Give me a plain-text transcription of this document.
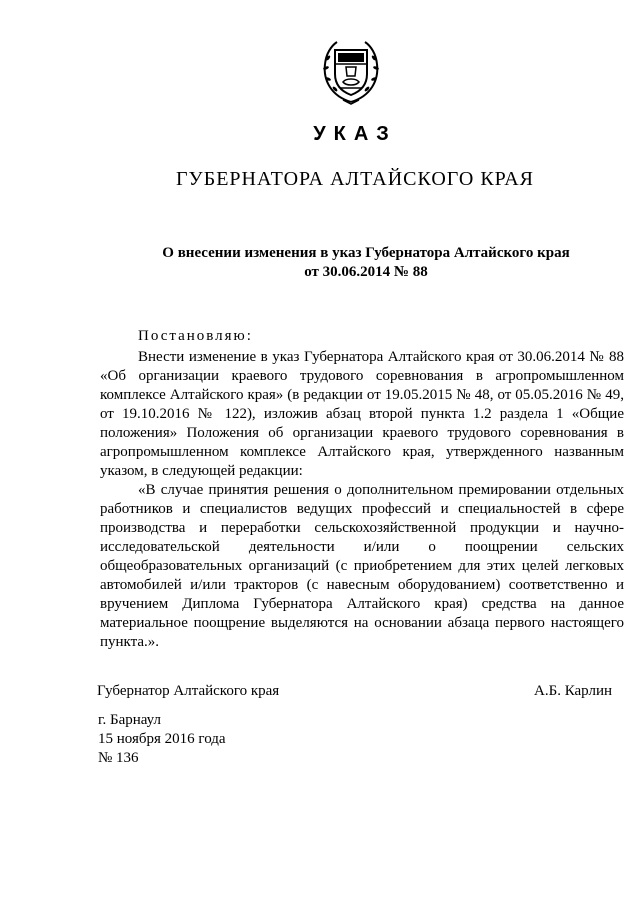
УКАЗ
ГУБЕРНАТОРА АЛТАЙСКОГО КРАЯ
О внесении изменения в указ Губернатора Алтайского края
от 30.06.2014 № 88
Постановляю:

Внести изменение в указ Губернатора Алтайского края от 30.06.2014 № 88 «Об организации краевого трудового соревнования в агропромышленном комплексе Алтайского края» (в редакции от 19.05.2015 № 48, от 05.05.2016 № 49, от 19.10.2016 № 122), изложив абзац второй пункта 1.2 раздела 1 «Общие положения» Положения об организации краевого трудового соревнования в агропромышленном комплексе Алтайского края, утвержденного названным указом, в следующей редакции:

«В случае принятия решения о дополнительном премировании отдельных работников и специалистов ведущих профессий и специальностей в сфере производства и переработки сельскохозяйственной продукции и научно-исследовательской деятельности и/или о поощрении сельских общеобразовательных организаций (с приобретением для этих целей легковых автомобилей и/или тракторов (с навесным оборудованием) соответственно и вручением Диплома Губернатора Алтайского края) средства на данное материальное поощрение выделяются на основании абзаца первого настоящего пункта.».

Губернатор Алтайского края	А.Б. Карлин
г. Барнаул
15 ноября 2016 года
№ 136
